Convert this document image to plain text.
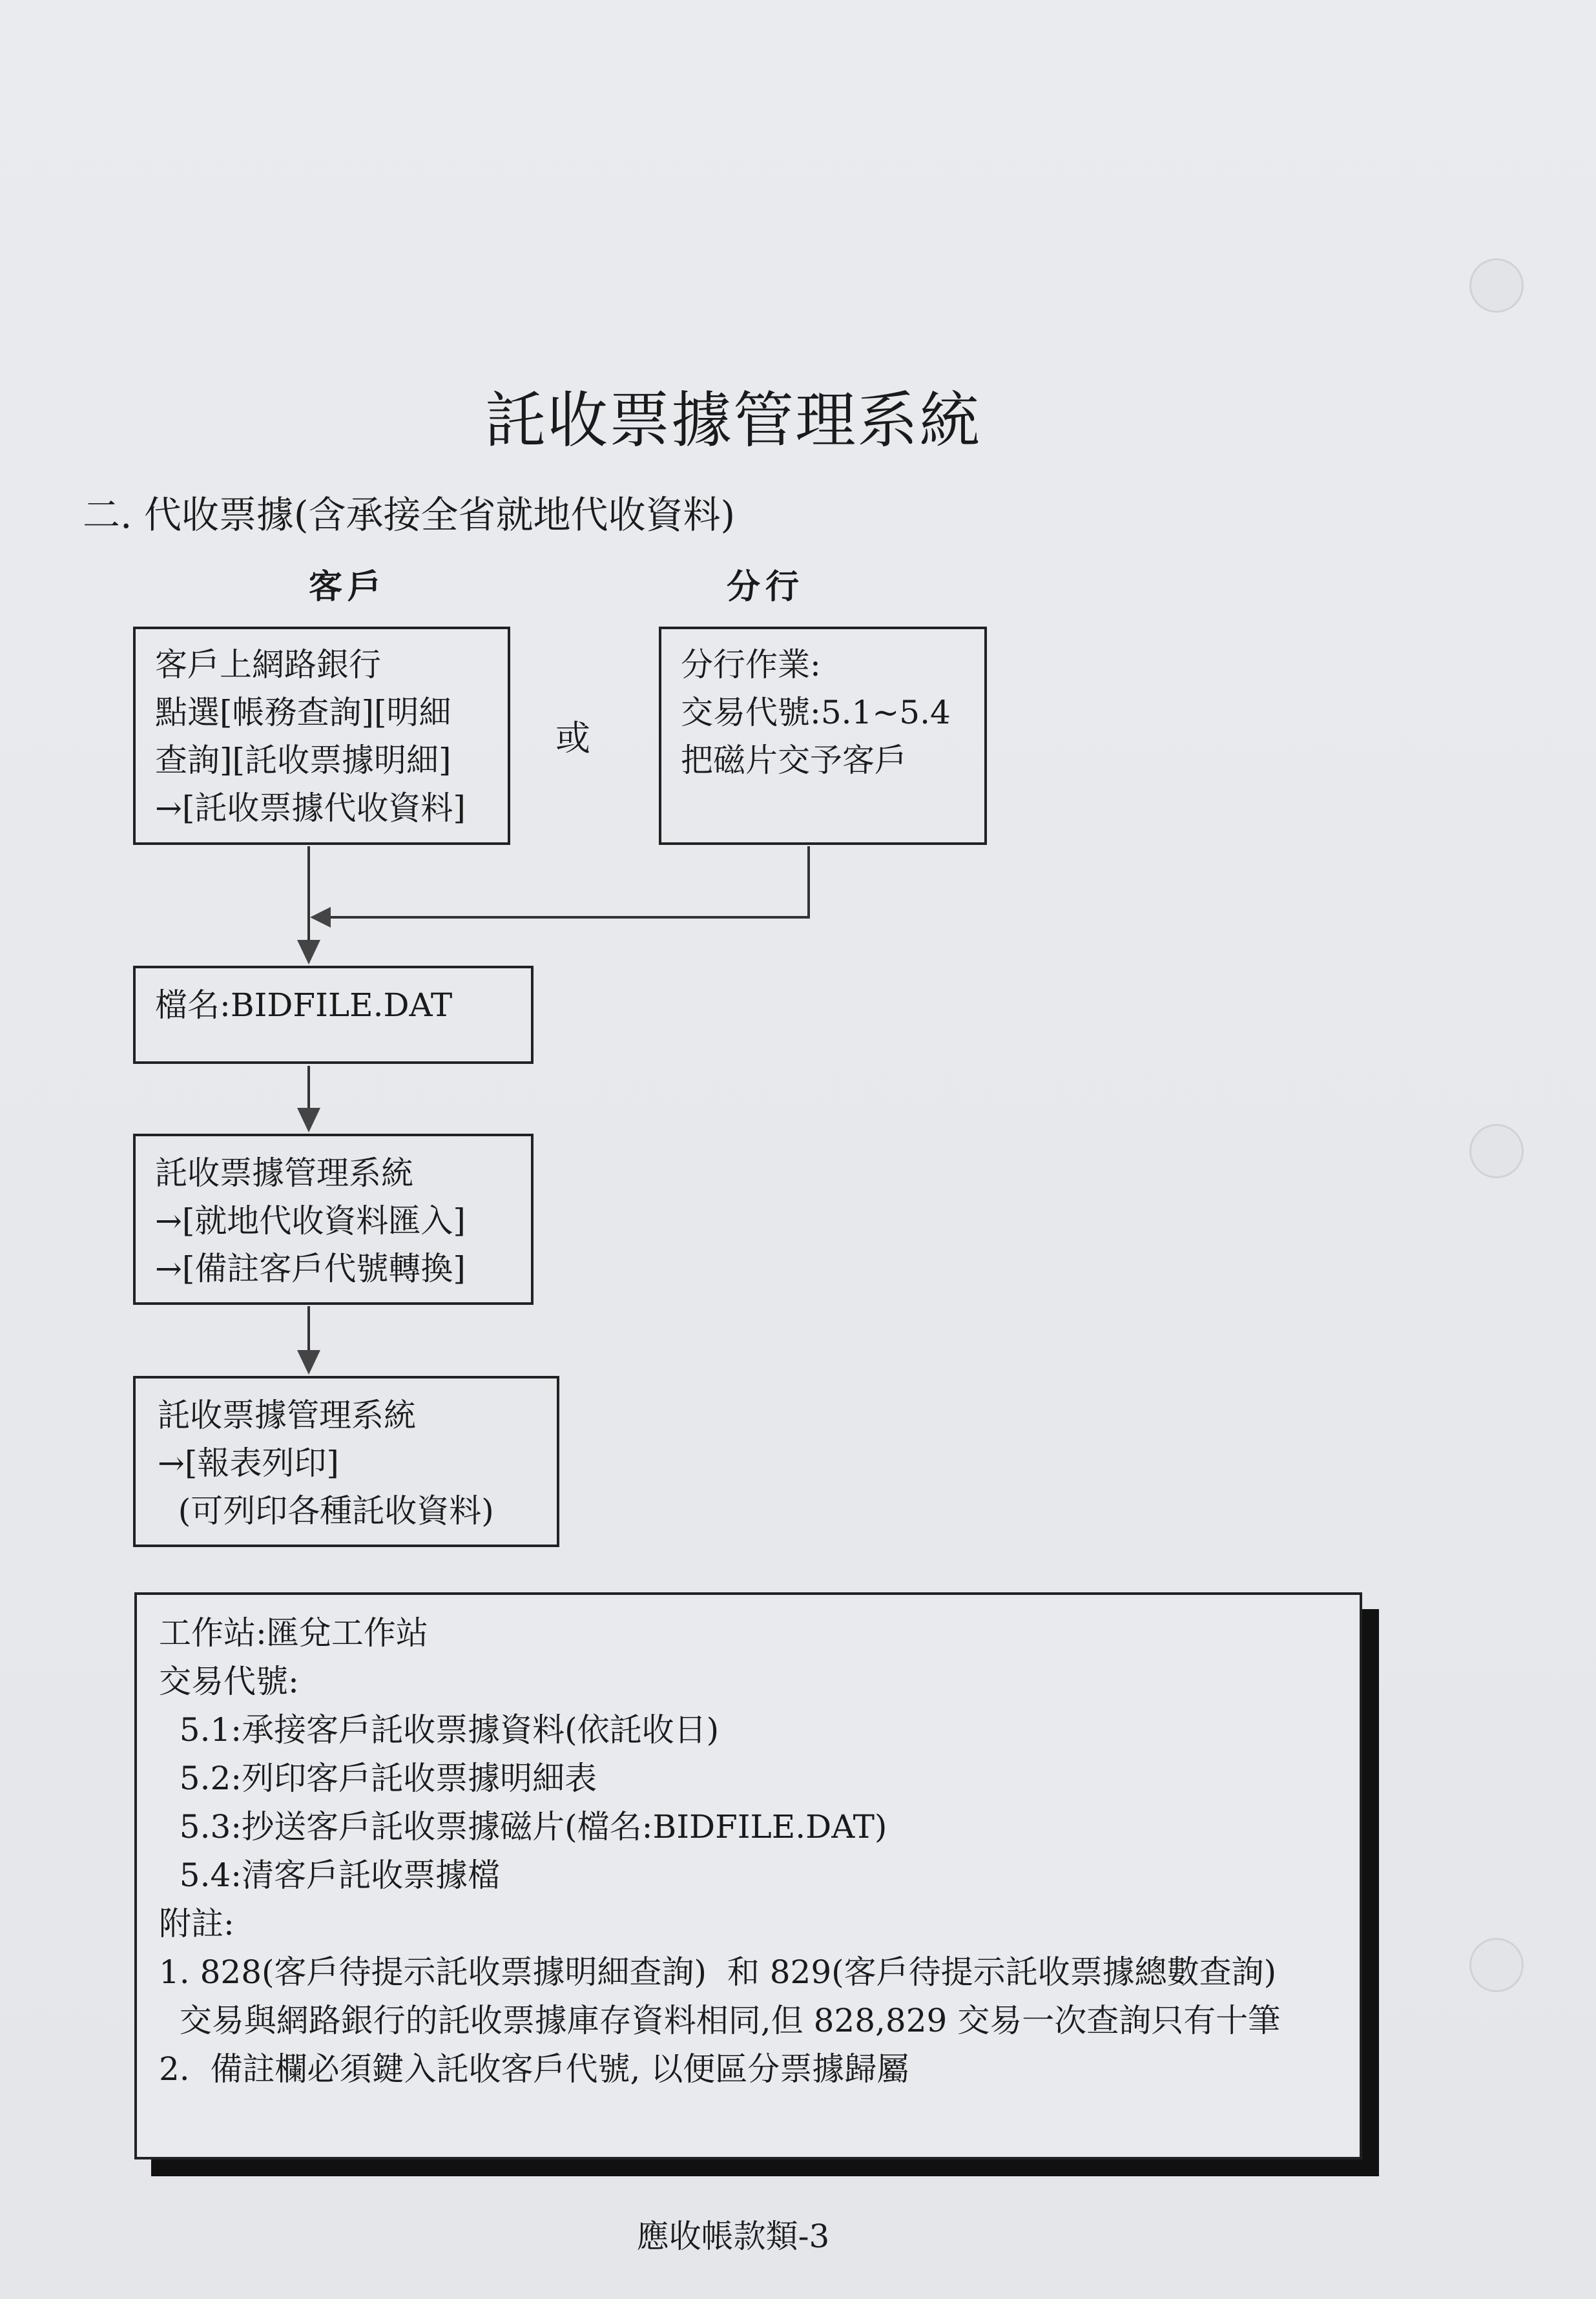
託收票據管理系統
二. 代收票據(含承接全省就地代收資料)
客戶	分行
客戶上網路銀行
點選[帳務查詢][明細
查詢][託收票據明細]
→[託收票據代收資料]
或
分行作業:
交易代號:5.1~5.4
把磁片交予客戶
檔名:BIDFILE.DAT
託收票據管理系統
→[就地代收資料匯入]
→[備註客戶代號轉換]
託收票據管理系統
→[報表列印]
(可列印各種託收資料)
工作站:匯兌工作站
交易代號:
5.1:承接客戶託收票據資料(依託收日)
5.2:列印客戶託收票據明細表
5.3:抄送客戶託收票據磁片(檔名:BIDFILE.DAT)
5.4:清客戶託收票據檔
附註:
1. 828(客戶待提示託收票據明細查詢)  和 829(客戶待提示託收票據總數查詢)
交易與網路銀行的託收票據庫存資料相同,但 828,829 交易一次查詢只有十筆
2.  備註欄必須鍵入託收客戶代號, 以便區分票據歸屬
應收帳款類-3
